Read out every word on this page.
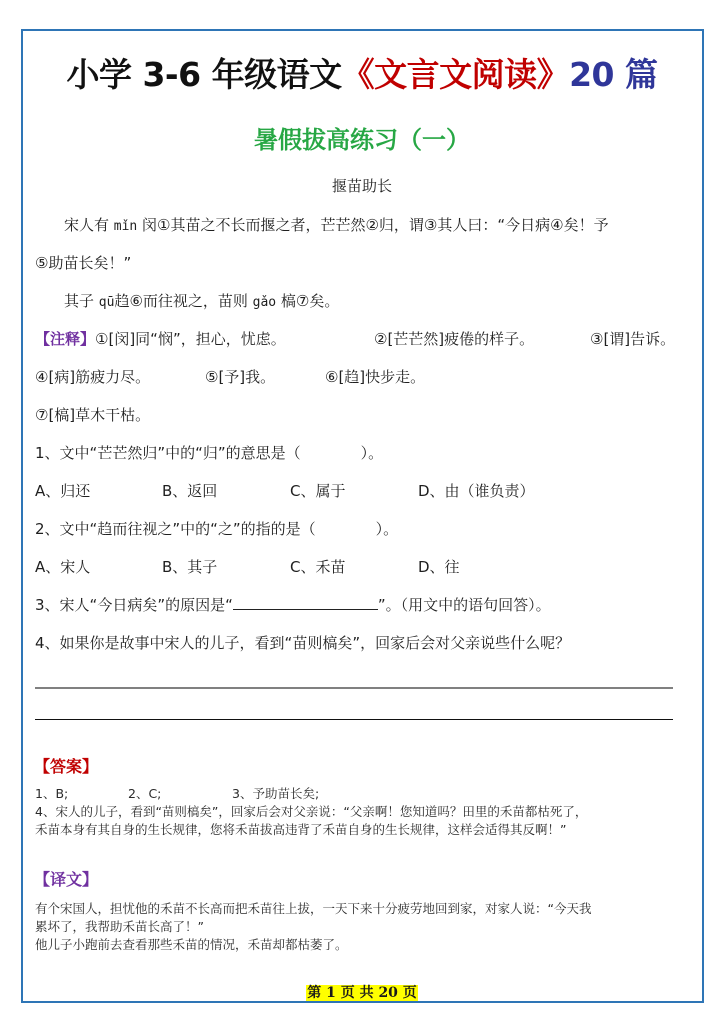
小学 3-6 年级语文《文言文阅读》20 篇
暑假拔高练习（一）
揠苗助长
宋人有 mǐn 闵①其苗之不长而揠之者，芒芒然②归，谓③其人曰：“今日病④矣！予
⑤助苗长矣！”
其子 qū趋⑥而往视之，苗则 gǎo 槁⑦矣。
【注释】①[闵]同“悯”，担心，忧虑。	②[芒芒然]疲倦的样子。	③[谓]告诉。
④[病]筋疲力尽。	⑤[予]我。	⑥[趋]快步走。
⑦[槁]草木干枯。
1、文中“芒芒然归”中的“归”的意思是（　　　　）。
A、归还	B、返回	C、属于	D、由（谁负责）
2、文中“趋而往视之”中的“之”的指的是（　　　　）。
A、宋人	B、其子	C、禾苗	D、往
3、宋人“今日病矣”的原因是“	”。（用文中的语句回答）。
4、如果你是故事中宋人的儿子，看到“苗则槁矣”，回家后会对父亲说些什么呢？
【答案】
1、B;	2、C;	3、予助苗长矣;
4、宋人的儿子，看到“苗则槁矣”，回家后会对父亲说：“父亲啊！您知道吗？田里的禾苗都枯死了，
禾苗本身有其自身的生长规律，您将禾苗拔高违背了禾苗自身的生长规律，这样会适得其反啊！”
【译文】
有个宋国人，担忧他的禾苗不长高而把禾苗往上拔，一天下来十分疲劳地回到家，对家人说：“今天我
累坏了，我帮助禾苗长高了！”
他儿子小跑前去查看那些禾苗的情况，禾苗却都枯萎了。
第 1 页 共 20 页
